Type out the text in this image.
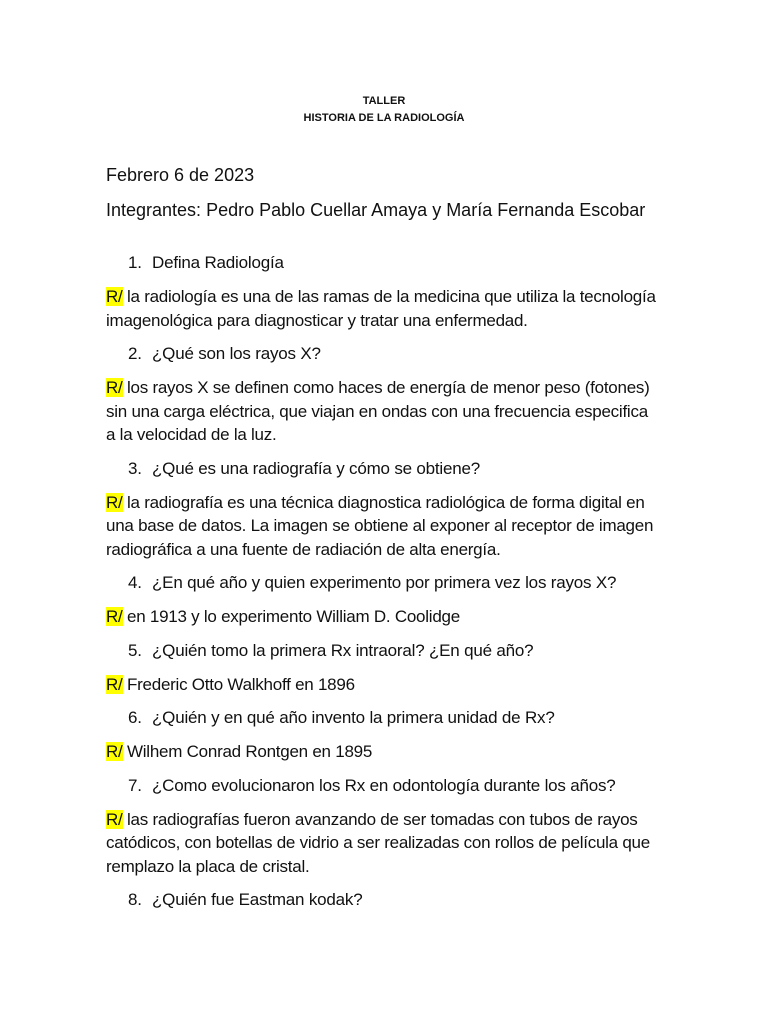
TALLER
HISTORIA DE LA RADIOLOGÍA
Febrero 6 de 2023
Integrantes: Pedro Pablo Cuellar Amaya y María Fernanda Escobar
1. Defina Radiología
R/ la radiología es una de las ramas de la medicina que utiliza la tecnología
imagenológica para diagnosticar y tratar una enfermedad.
2. ¿Qué son los rayos X?
R/ los rayos X se definen como haces de energía de menor peso (fotones)
sin una carga eléctrica, que viajan en ondas con una frecuencia especifica
a la velocidad de la luz.
3. ¿Qué es una radiografía y cómo se obtiene?
R/ la radiografía es una técnica diagnostica radiológica de forma digital en
una base de datos. La imagen se obtiene al exponer al receptor de imagen
radiográfica a una fuente de radiación de alta energía.
4. ¿En qué año y quien experimento por primera vez los rayos X?
R/ en 1913 y lo experimento William D. Coolidge
5. ¿Quién tomo la primera Rx intraoral? ¿En qué año?
R/ Frederic Otto Walkhoff en 1896
6. ¿Quién y en qué año invento la primera unidad de Rx?
R/ Wilhem Conrad Rontgen en 1895
7. ¿Como evolucionaron los Rx en odontología durante los años?
R/ las radiografías fueron avanzando de ser tomadas con tubos de rayos
catódicos, con botellas de vidrio a ser realizadas con rollos de película que
remplazo la placa de cristal.
8. ¿Quién fue Eastman kodak?
